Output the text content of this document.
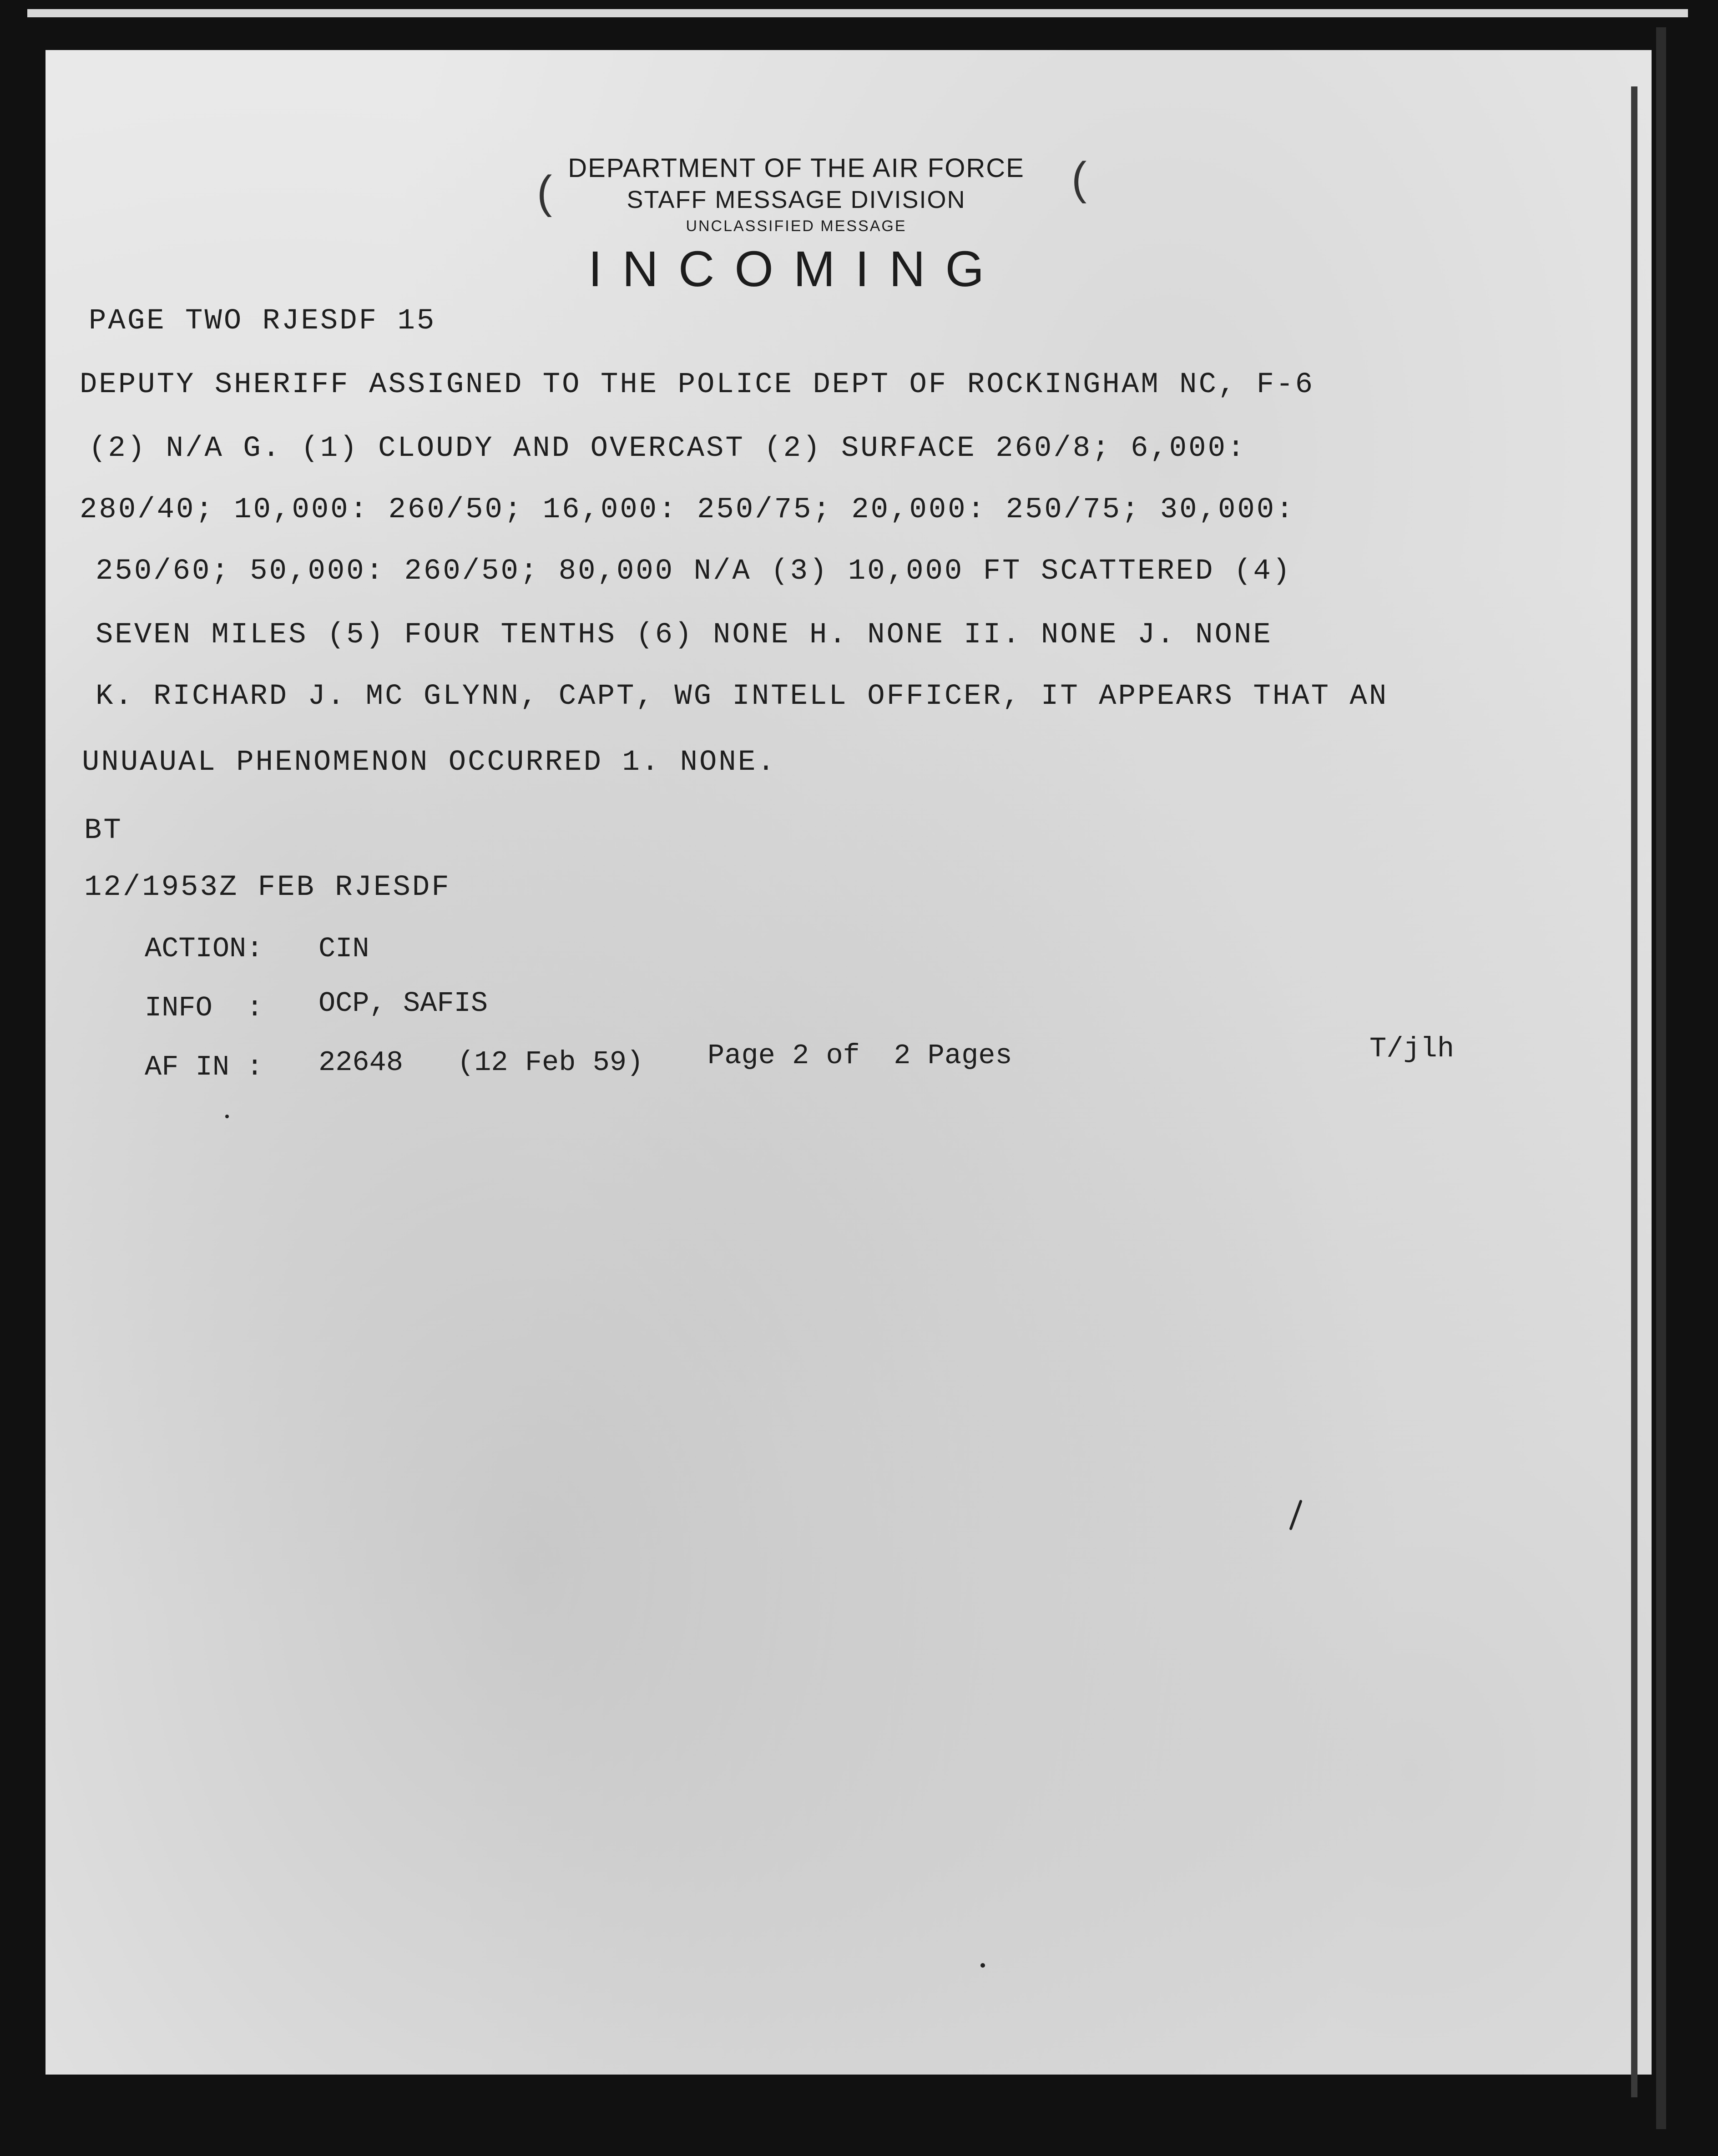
DEPARTMENT OF THE AIR FORCE
STAFF MESSAGE DIVISION
UNCLASSIFIED MESSAGE
INCOMING
(	(
PAGE TWO RJESDF 15
DEPUTY SHERIFF ASSIGNED TO THE POLICE DEPT OF ROCKINGHAM NC, F-6
(2) N/A G. (1) CLOUDY AND OVERCAST (2) SURFACE 260/8; 6,000:
280/40; 10,000: 260/50; 16,000: 250/75; 20,000: 250/75; 30,000:
250/60; 50,000: 260/50; 80,000 N/A (3) 10,000 FT SCATTERED (4)
SEVEN MILES (5) FOUR TENTHS (6) NONE H. NONE II. NONE J. NONE
K. RICHARD J. MC GLYNN, CAPT, WG INTELL OFFICER, IT APPEARS THAT AN
UNUAUAL PHENOMENON OCCURRED 1. NONE.
BT
12/1953Z FEB RJESDF
ACTION: CIN
INFO  : OCP, SAFIS
AF IN : 22648 (12 Feb 59) Page 2 of  2 Pages	T/jlh
